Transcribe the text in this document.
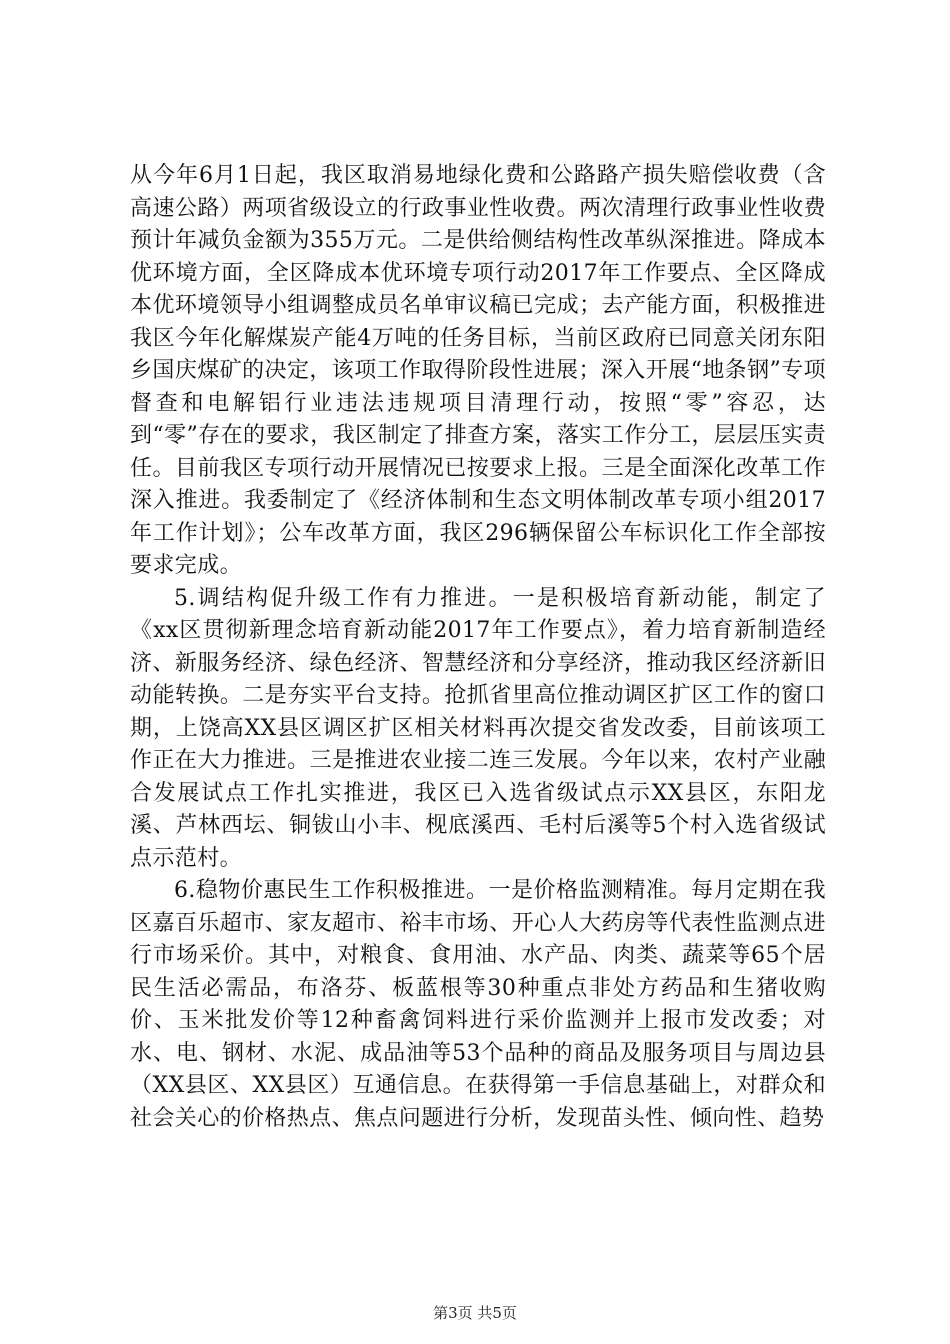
从今年6月1日起，我区取消易地绿化费和公路路产损失赔偿收费（含高速公路）两项省级设立的行政事业性收费。两次清理行政事业性收费预计年减负金额为355万元。二是供给侧结构性改革纵深推进。降成本优环境方面，全区降成本优环境专项行动2017年工作要点、全区降成本优环境领导小组调整成员名单审议稿已完成；去产能方面，积极推进我区今年化解煤炭产能4万吨的任务目标，当前区政府已同意关闭东阳乡国庆煤矿的决定，该项工作取得阶段性进展；深入开展“地条钢”专项督查和电解铝行业违法违规项目清理行动，按照“零”容忍，达到“零”存在的要求，我区制定了排查方案，落实工作分工，层层压实责任。目前我区专项行动开展情况已按要求上报。三是全面深化改革工作深入推进。我委制定了《经济体制和生态文明体制改革专项小组2017年工作计划》；公车改革方面，我区296辆保留公车标识化工作全部按要求完成。

5.调结构促升级工作有力推进。一是积极培育新动能，制定了《xx区贯彻新理念培育新动能2017年工作要点》，着力培育新制造经济、新服务经济、绿色经济、智慧经济和分享经济，推动我区经济新旧动能转换。二是夯实平台支持。抢抓省里高位推动调区扩区工作的窗口期，上饶高XX县区调区扩区相关材料再次提交省发改委，目前该项工作正在大力推进。三是推进农业接二连三发展。今年以来，农村产业融合发展试点工作扎实推进，我区已入选省级试点示XX县区，东阳龙溪、芦林西坛、铜钹山小丰、枧底溪西、毛村后溪等5个村入选省级试点示范村。

6.稳物价惠民生工作积极推进。一是价格监测精准。每月定期在我区嘉百乐超市、家友超市、裕丰市场、开心人大药房等代表性监测点进行市场采价。其中，对粮食、食用油、水产品、肉类、蔬菜等65个居民生活必需品，布洛芬、板蓝根等30种重点非处方药品和生猪收购价、玉米批发价等12种畜禽饲料进行采价监测并上报市发改委；对水、电、钢材、水泥、成品油等53个品种的商品及服务项目与周边县（XX县区、XX县区）互通信息。在获得第一手信息基础上，对群众和社会关心的价格热点、焦点问题进行分析，发现苗头性、倾向性、趋势

第3页 共5页
